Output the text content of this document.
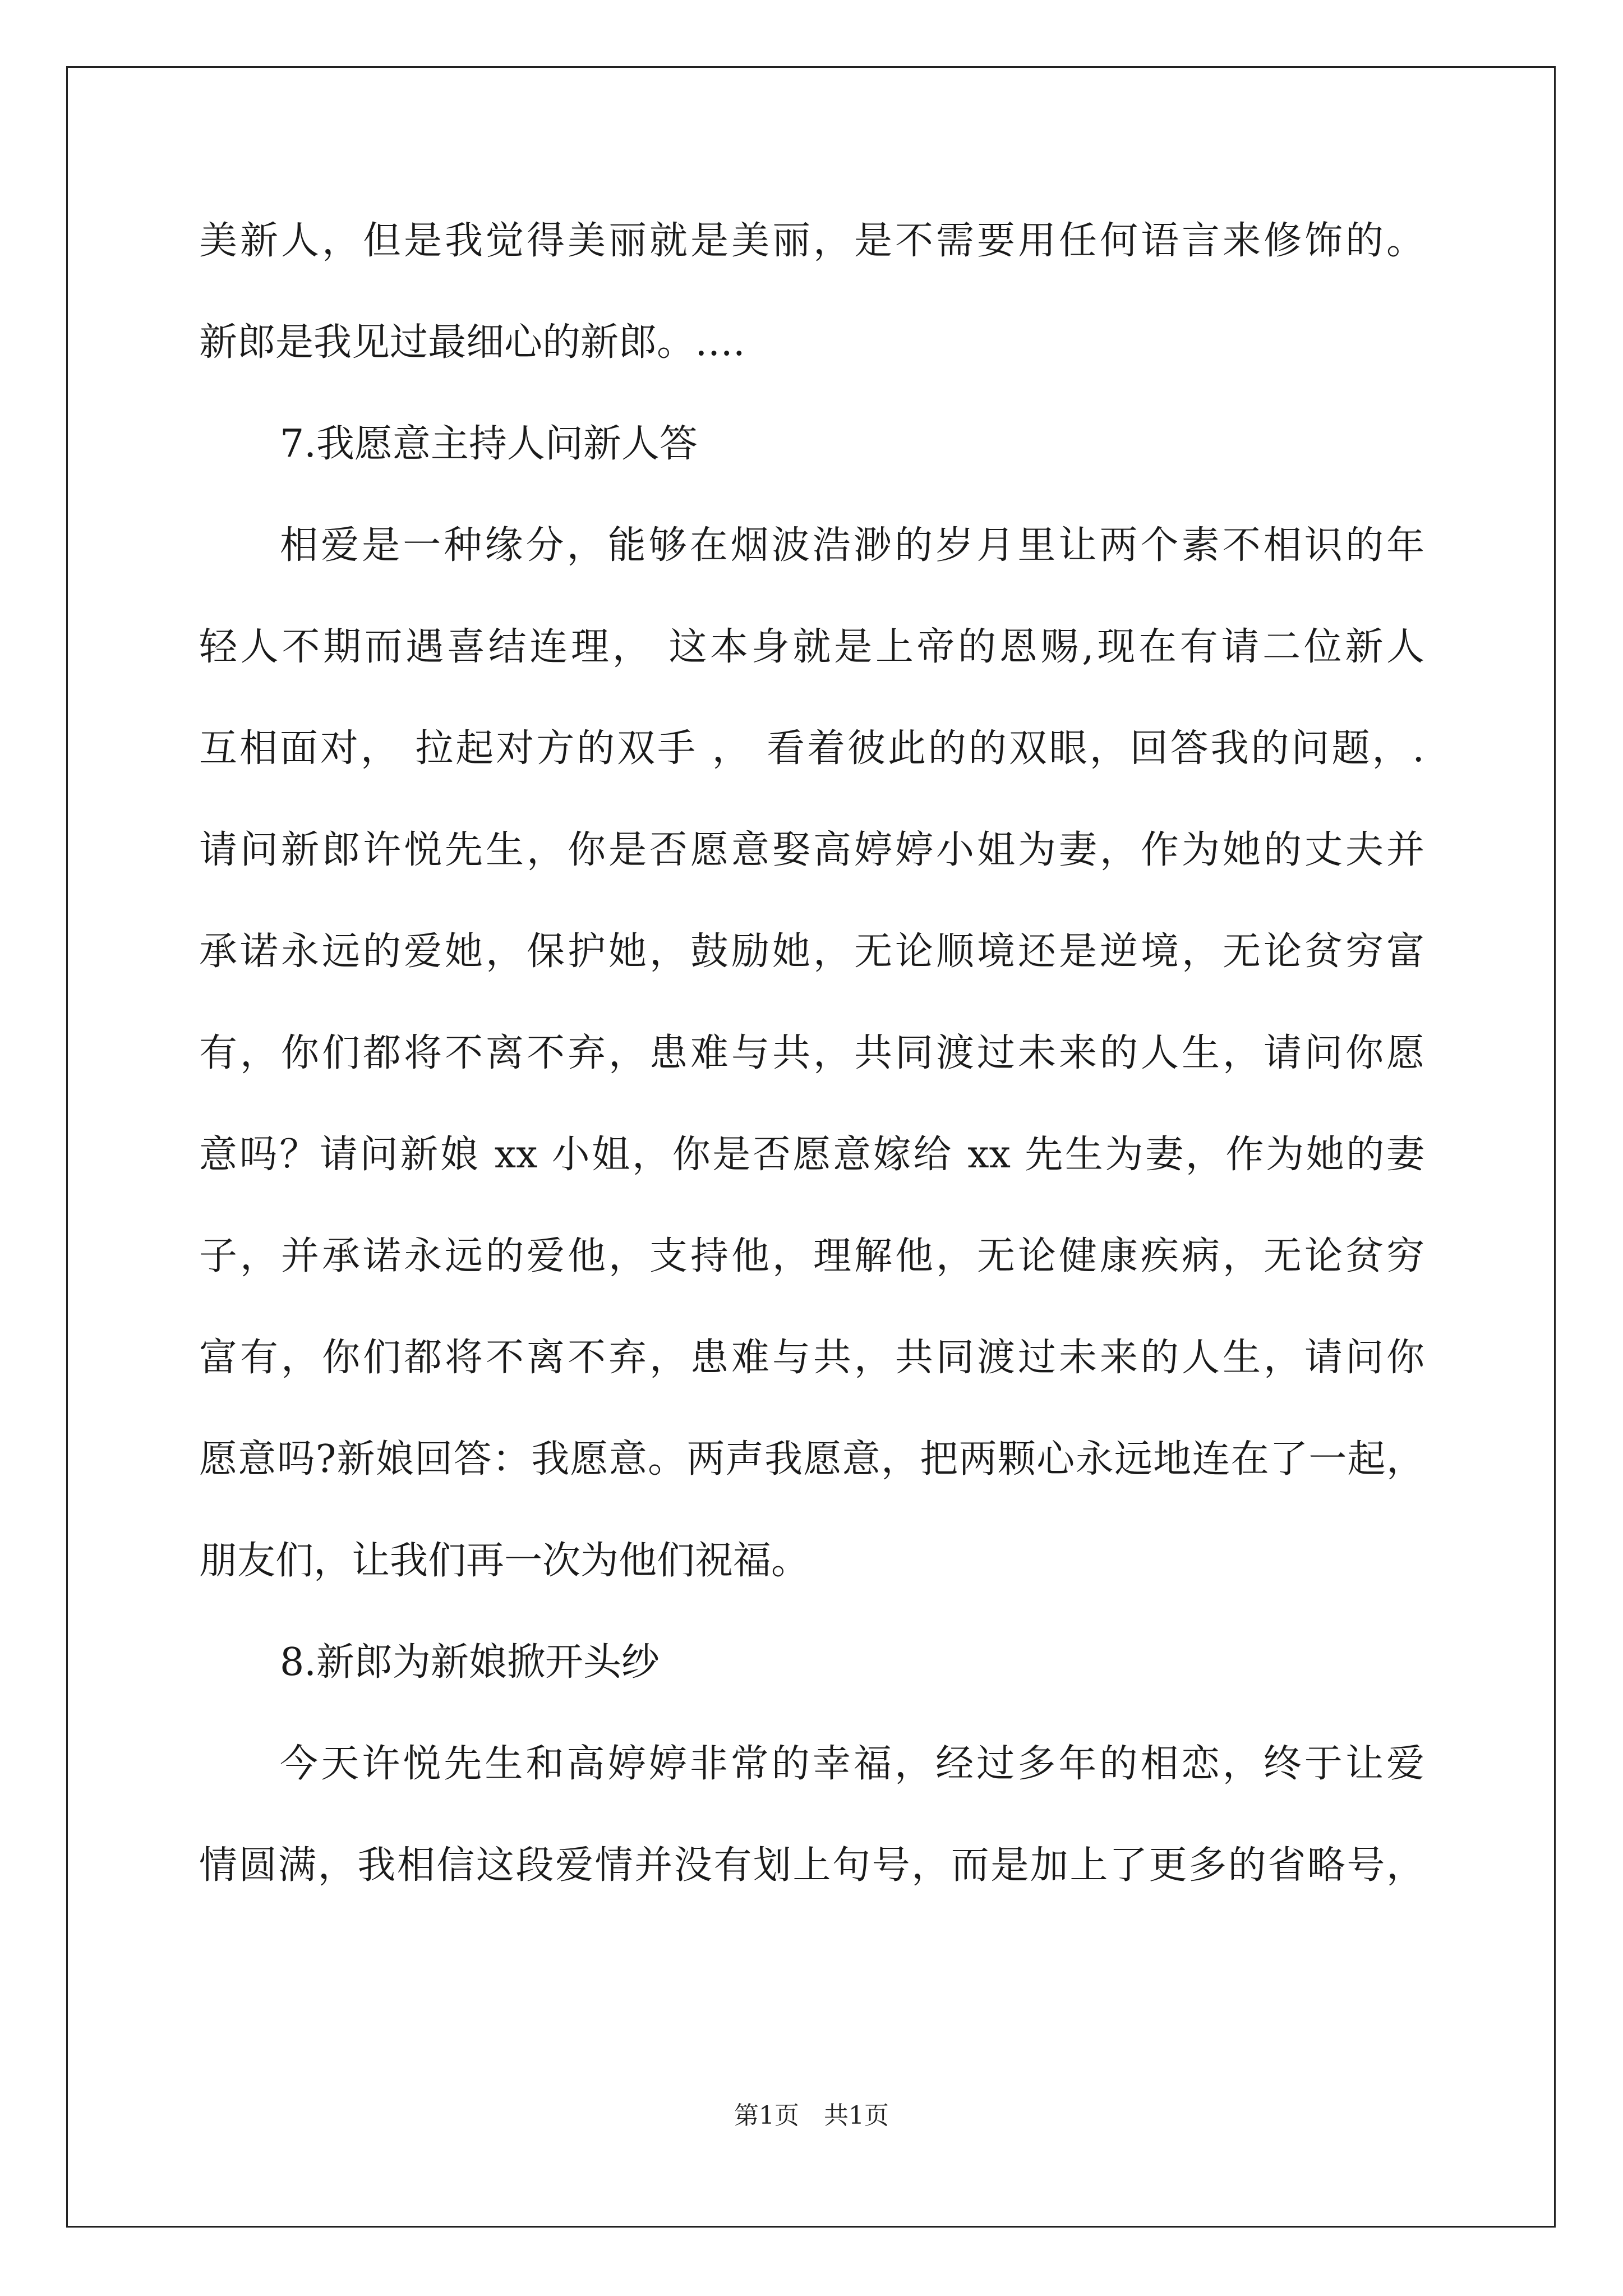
美新人，但是我觉得美丽就是美丽，是不需要用任何语言来修饰的。
新郎是我见过最细心的新郎。….
7.我愿意主持人问新人答
相爱是一种缘分，能够在烟波浩渺的岁月里让两个素不相识的年
轻人不期而遇喜结连理， 这本身就是上帝的恩赐,现在有请二位新人
互相面对， 拉起对方的双手 ， 看着彼此的的双眼，回答我的问题，.
请问新郎许悦先生，你是否愿意娶高婷婷小姐为妻，作为她的丈夫并
承诺永远的爱她，保护她，鼓励她，无论顺境还是逆境，无论贫穷富
有，你们都将不离不弃，患难与共，共同渡过未来的人生，请问你愿
意吗？请问新娘 xx 小姐，你是否愿意嫁给 xx 先生为妻，作为她的妻
子，并承诺永远的爱他，支持他，理解他，无论健康疾病，无论贫穷
富有，你们都将不离不弃，患难与共，共同渡过未来的人生，请问你
愿意吗?新娘回答：我愿意。两声我愿意，把两颗心永远地连在了一起，
朋友们，让我们再一次为他们祝福。
8.新郎为新娘掀开头纱
今天许悦先生和高婷婷非常的幸福，经过多年的相恋，终于让爱
情圆满，我相信这段爱情并没有划上句号，而是加上了更多的省略号，
第1页　共1页
